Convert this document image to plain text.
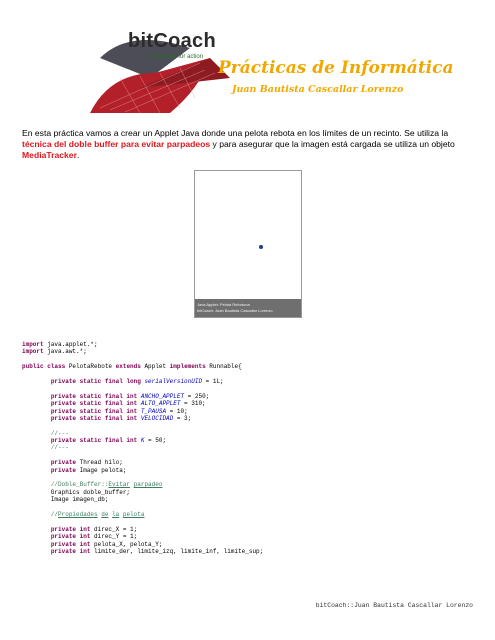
bitCoach
knowledge for action
Prácticas de Informática
Juan Bautista Cascallar Lorenzo
En esta práctica vamos a crear un Applet Java donde una pelota rebota en los límites de un recinto. Se utiliza la técnica del doble buffer para evitar parpadeos y para asegurar que la imagen está cargada se utiliza un objeto MediaTracker.
Java Applet: Pelota Rebotona
bitCoach: Juan Bautista Cascallar Lorenzo
import java.applet.*;
import java.awt.*;
public class PelotaRebote extends Applet implements Runnable{
private static final long serialVersionUID = 1L;
private static final int ANCHO_APPLET = 250;
private static final int ALTO_APPLET = 310;
private static final int T_PAUSA = 10;
private static final int VELOCIDAD = 3;
//---
private static final int K = 50;
//---
private Thread hilo;
private Image pelota;
//Doble_Buffer::Evitar parpadeo
Graphics doble_buffer;
Image imagen_db;
//Propiedades de la pelota
private int direc_X = 1;
private int direc_Y = 1;
private int pelota_X, pelota_Y;
private int limite_der, limite_izq, limite_inf, limite_sup;
bitCoach::Juan Bautista Cascallar Lorenzo
